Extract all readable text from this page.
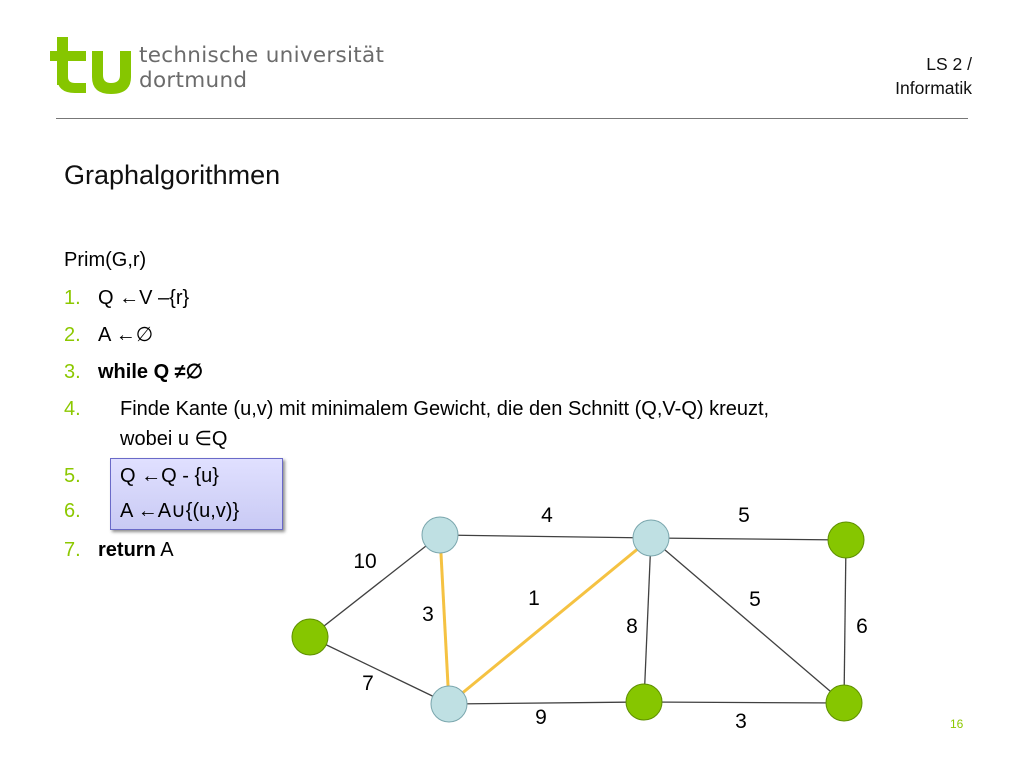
technische universität
dortmund
LS 2 /
Informatik
Graphalgorithmen
Prim(G,r)
1. Q ←V –{r}
2. A ←∅
3. while Q ≠∅
4. Finde Kante (u,v) mit minimalem Gewicht, die den Schnitt (Q,V-Q) kreuzt,
wobei u ∈Q
5. Q ←Q - {u}
6. A ←A∪{(u,v)}
7. return A	10
7
4
3
5
1
8
5
6
9	3	16
